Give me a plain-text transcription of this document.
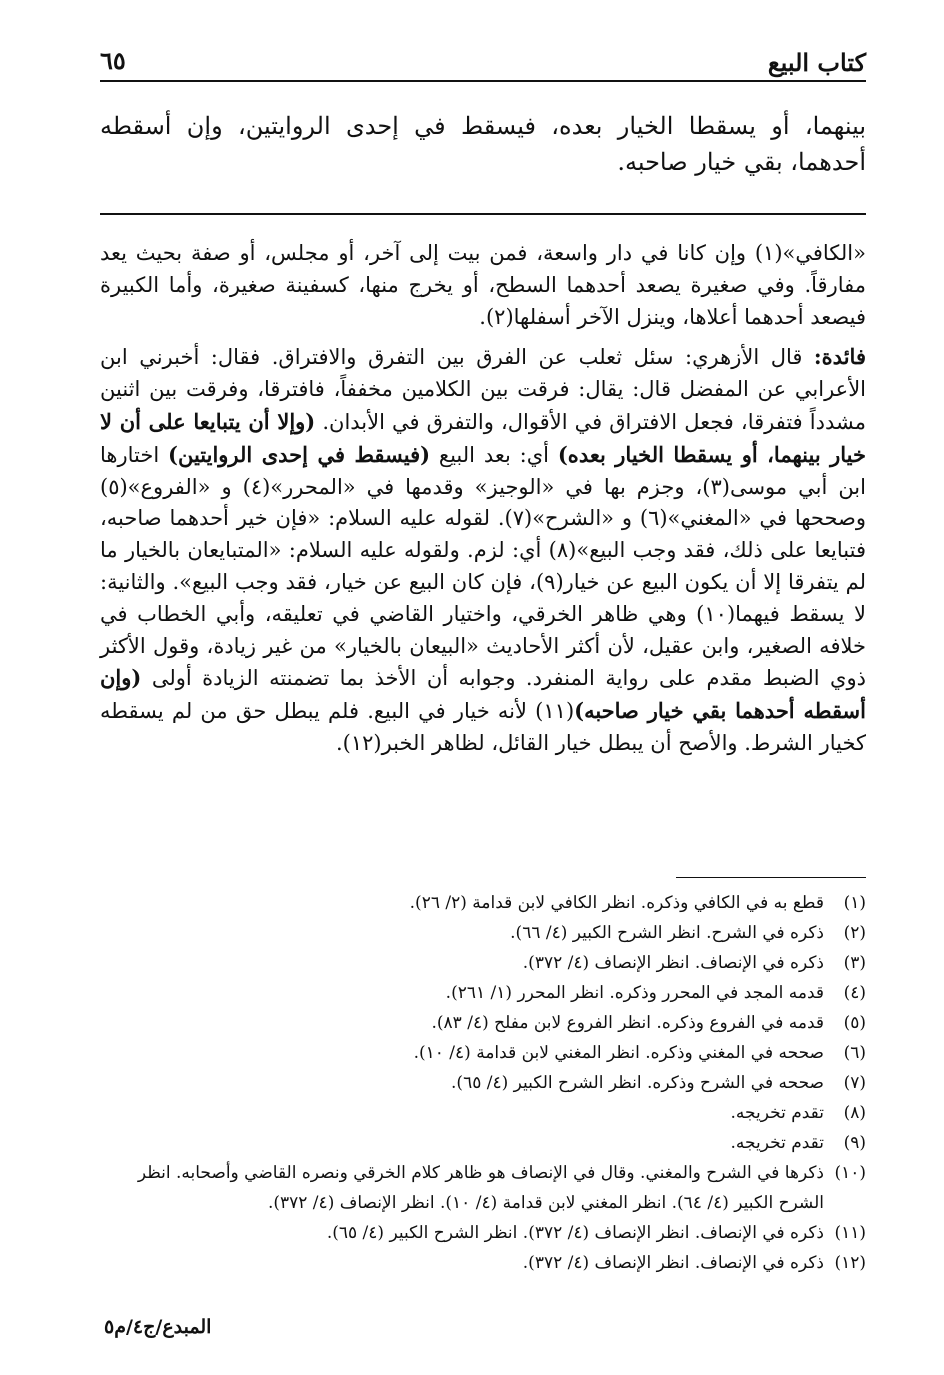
كتاب البيع
٦٥

بينهما، أو يسقطا الخيار بعده، فيسقط في إحدى الروايتين، وإن أسقطه أحدهما، بقي خيار صاحبه.

«الكافي»(١) وإن كانا في دار واسعة، فمن بيت إلى آخر، أو مجلس، أو صفة بحيث يعد مفارقاً. وفي صغيرة يصعد أحدهما السطح، أو يخرج منها، كسفينة صغيرة، وأما الكبيرة فيصعد أحدهما أعلاها، وينزل الآخر أسفلها(٢).

فائدة: قال الأزهري: سئل ثعلب عن الفرق بين التفرق والافتراق. فقال: أخبرني ابن الأعرابي عن المفضل قال: يقال: فرقت بين الكلامين مخففاً، فافترقا، وفرقت بين اثنين مشدداً فتفرقا، فجعل الافتراق في الأقوال، والتفرق في الأبدان. (وإلا أن يتبايعا على أن لا خيار بينهما، أو يسقطا الخيار بعده) أي: بعد البيع (فيسقط في إحدى الروايتين) اختارها ابن أبي موسى(٣)، وجزم بها في «الوجيز» وقدمها في «المحرر»(٤) و «الفروع»(٥) وصححها في «المغني»(٦) و «الشرح»(٧). لقوله عليه السلام: «فإن خير أحدهما صاحبه، فتبايعا على ذلك، فقد وجب البيع»(٨) أي: لزم. ولقوله عليه السلام: «المتبايعان بالخيار ما لم يتفرقا إلا أن يكون البيع عن خيار(٩)، فإن كان البيع عن خيار، فقد وجب البيع». والثانية: لا يسقط فيهما(١٠) وهي ظاهر الخرقي، واختيار القاضي في تعليقه، وأبي الخطاب في خلافه الصغير، وابن عقيل، لأن أكثر الأحاديث «البيعان بالخيار» من غير زيادة، وقول الأكثر ذوي الضبط مقدم على رواية المنفرد. وجوابه أن الأخذ بما تضمنته الزيادة أولى (وإن أسقطه أحدهما بقي خيار صاحبه)(١١) لأنه خيار في البيع. فلم يبطل حق من لم يسقطه كخيار الشرط. والأصح أن يبطل خيار القائل، لظاهر الخبر(١٢).

(١)
قطع به في الكافي وذكره. انظر الكافي لابن قدامة (٢/ ٢٦).
(٢)
ذكره في الشرح. انظر الشرح الكبير (٤/ ٦٦).
(٣)
ذكره في الإنصاف. انظر الإنصاف (٤/ ٣٧٢).
(٤)
قدمه المجد في المحرر وذكره. انظر المحرر (١/ ٢٦١).
(٥)
قدمه في الفروع وذكره. انظر الفروع لابن مفلح (٤/ ٨٣).
(٦)
صححه في المغني وذكره. انظر المغني لابن قدامة (٤/ ١٠).
(٧)
صححه في الشرح وذكره. انظر الشرح الكبير (٤/ ٦٥).
(٨)
تقدم تخريجه.
(٩)
تقدم تخريجه.
(١٠)
ذكرها في الشرح والمغني. وقال في الإنصاف هو ظاهر كلام الخرقي ونصره القاضي وأصحابه. انظر الشرح الكبير (٤/ ٦٤). انظر المغني لابن قدامة (٤/ ١٠). انظر الإنصاف (٤/ ٣٧٢).
(١١)
ذكره في الإنصاف. انظر الإنصاف (٤/ ٣٧٢). انظر الشرح الكبير (٤/ ٦٥).
(١٢)
ذكره في الإنصاف. انظر الإنصاف (٤/ ٣٧٢).
المبدع/ج٤/م٥
